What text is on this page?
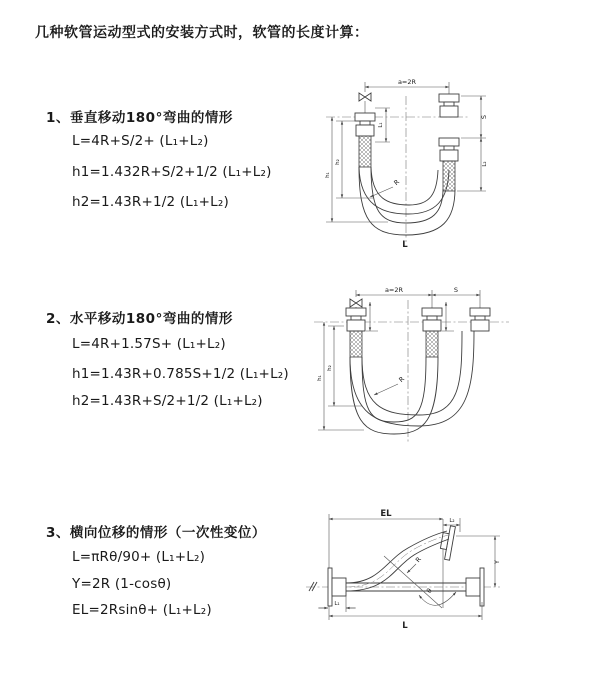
几种软管运动型式的安装方式时，软管的长度计算：
1、垂直移动180°弯曲的情形
L=4R+S/2+ (L₁+L₂)
h1=1.432R+S/2+1/2 (L₁+L₂)
h2=1.43R+1/2 (L₁+L₂)
2、水平移动180°弯曲的情形
L=4R+1.57S+ (L₁+L₂)
h1=1.43R+0.785S+1/2 (L₁+L₂)
h2=1.43R+S/2+1/2 (L₁+L₂)
3、横向位移的情形（一次性变位）
L=πRθ/90+ (L₁+L₂)
Y=2R (1-cosθ)
EL=2Rsinθ+ (L₁+L₂)
a=2R
L₁
S
L₂
h₁
h₂
R
L
a=2R	S
h₁
h₂
R
EL
L₂
θ
R	Y
L₁
L
